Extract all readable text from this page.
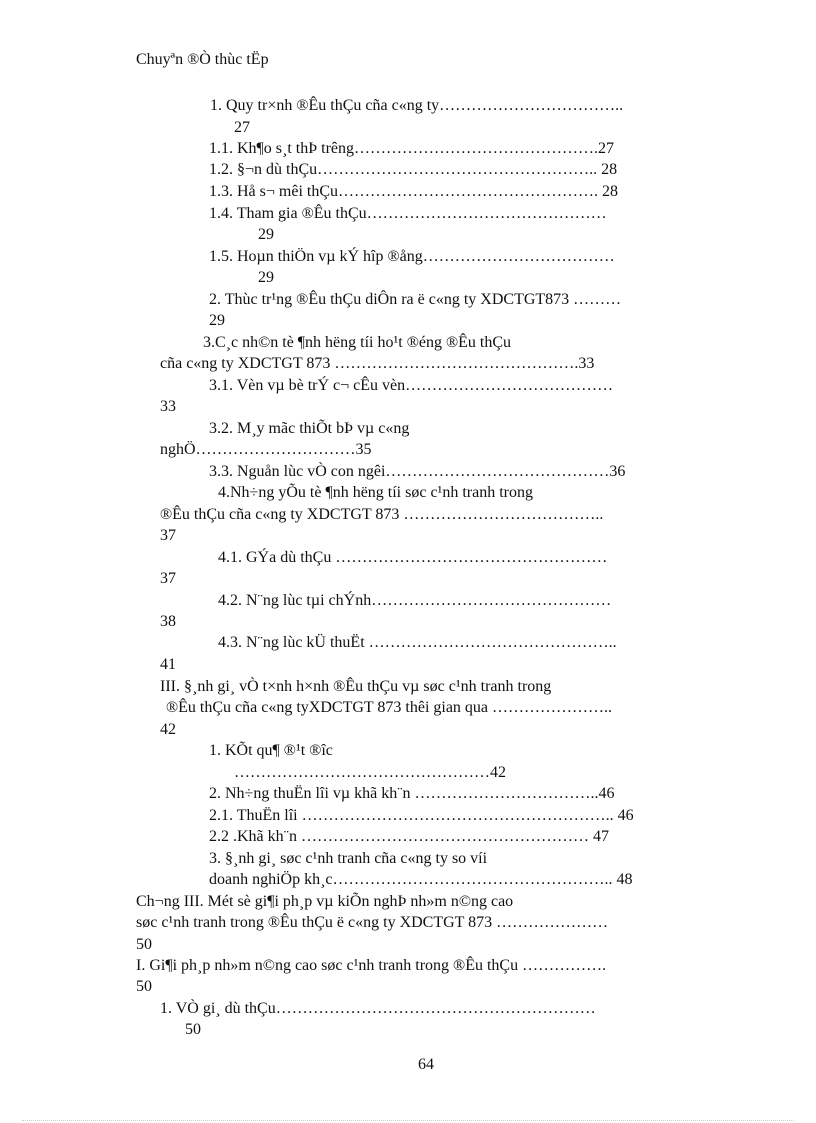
Chuyªn ®Ò thùc tËp
1. Quy tr×nh ®Êu thÇu cña c«ng ty……………………………..
27
1.1. Kh¶o s¸t thÞ trêng……………………………………….27
1.2. §¬n dù thÇu…………………………………………….. 28
1.3. Hå s¬ mêi thÇu…………………………………………. 28
1.4. Tham gia ®Êu thÇu………………………………………
29
1.5. Hoµn thiÖn vµ kÝ hîp ®ång………………………………
29
2. Thùc tr¹ng ®Êu thÇu diÔn ra ë c«ng ty XDCTGT873 ………
29
3.C¸c nh©n tè ¶nh hëng tíi ho¹t ®éng ®Êu thÇu
cña c«ng ty XDCTGT 873 ……………………………………….33
3.1. Vèn vµ bè trÝ c¬ cÊu vèn…………………………………
33
3.2. M¸y mãc thiÕt bÞ vµ c«ng
nghÖ…………………………35
3.3. Nguån lùc vÒ con ngêi……………………………………36
4.Nh÷ng yÕu tè ¶nh hëng tíi søc c¹nh tranh trong
®Êu thÇu cña c«ng ty XDCTGT 873 ………………………………..
37
4.1. GÝa dù thÇu ……………………………………………
37
4.2. N¨ng lùc tµi chÝnh………………………………………
38
4.3. N¨ng lùc kÜ thuËt ………………………………………..
41
III. §¸nh gi¸ vÒ t×nh h×nh ®Êu thÇu vµ søc c¹nh tranh trong
®Êu thÇu cña c«ng tyXDCTGT 873 thêi gian qua …………………..
42
1. KÕt qu¶ ®¹t ®îc
…………………………………………42
2. Nh÷ng thuËn lîi vµ khã kh¨n ……………………………..46
2.1. ThuËn lîi ………………………………………………….. 46
2.2 .Khã kh¨n ……………………………………………… 47
3. §¸nh gi¸ søc c¹nh tranh cña c«ng ty so víi
doanh nghiÖp kh¸c…………………………………………….. 48
Ch¬ng III. Mét sè gi¶i ph¸p vµ kiÕn nghÞ nh»m n©ng cao
søc c¹nh tranh trong ®Êu thÇu ë c«ng ty XDCTGT 873 …………………
50
I. Gi¶i ph¸p nh»m n©ng cao søc c¹nh tranh trong ®Êu thÇu …………….
50
1. VÒ gi¸ dù thÇu……………………………………………………
50
64
